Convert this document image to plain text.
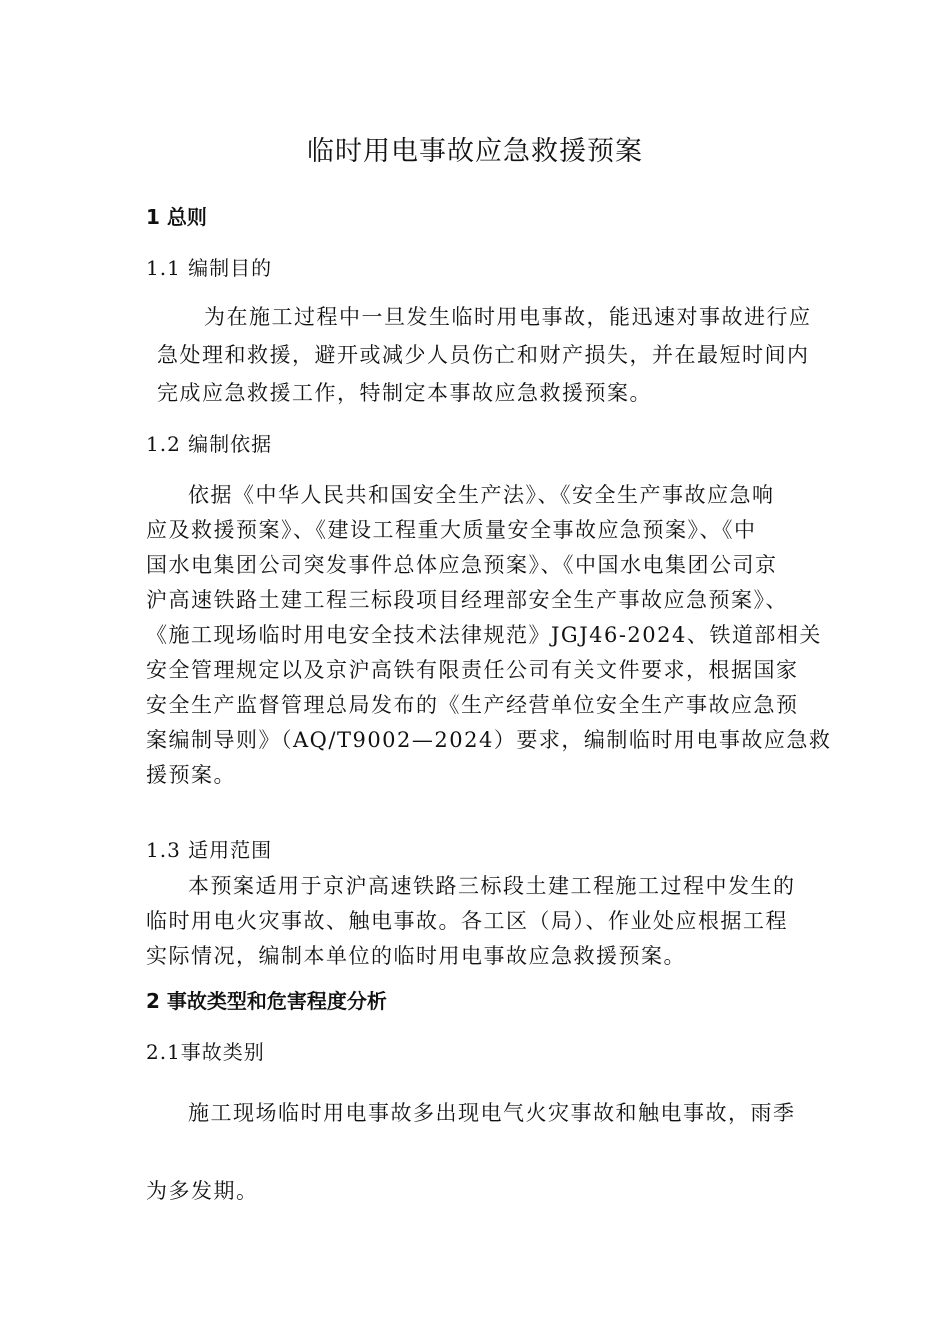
临时用电事故应急救援预案
1 总则
1.1 编制目的
为在施工过程中一旦发生临时用电事故，能迅速对事故进行应
急处理和救援，避开或减少人员伤亡和财产损失，并在最短时间内
完成应急救援工作，特制定本事故应急救援预案。
1.2 编制依据
依据《中华人民共和国安全生产法》、《安全生产事故应急响
应及救援预案》、《建设工程重大质量安全事故应急预案》、《中
国水电集团公司突发事件总体应急预案》、《中国水电集团公司京
沪高速铁路土建工程三标段项目经理部安全生产事故应急预案》、
《施工现场临时用电安全技术法律规范》JGJ46-2024、铁道部相关
安全管理规定以及京沪高铁有限责任公司有关文件要求，根据国家
安全生产监督管理总局发布的《生产经营单位安全生产事故应急预
案编制导则》（AQ/T9002—2024）要求，编制临时用电事故应急救
援预案。
1.3 适用范围
本预案适用于京沪高速铁路三标段土建工程施工过程中发生的
临时用电火灾事故、触电事故。各工区（局）、作业处应根据工程
实际情况，编制本单位的临时用电事故应急救援预案。
2 事故类型和危害程度分析
2.1事故类别
施工现场临时用电事故多出现电气火灾事故和触电事故，雨季
为多发期。
